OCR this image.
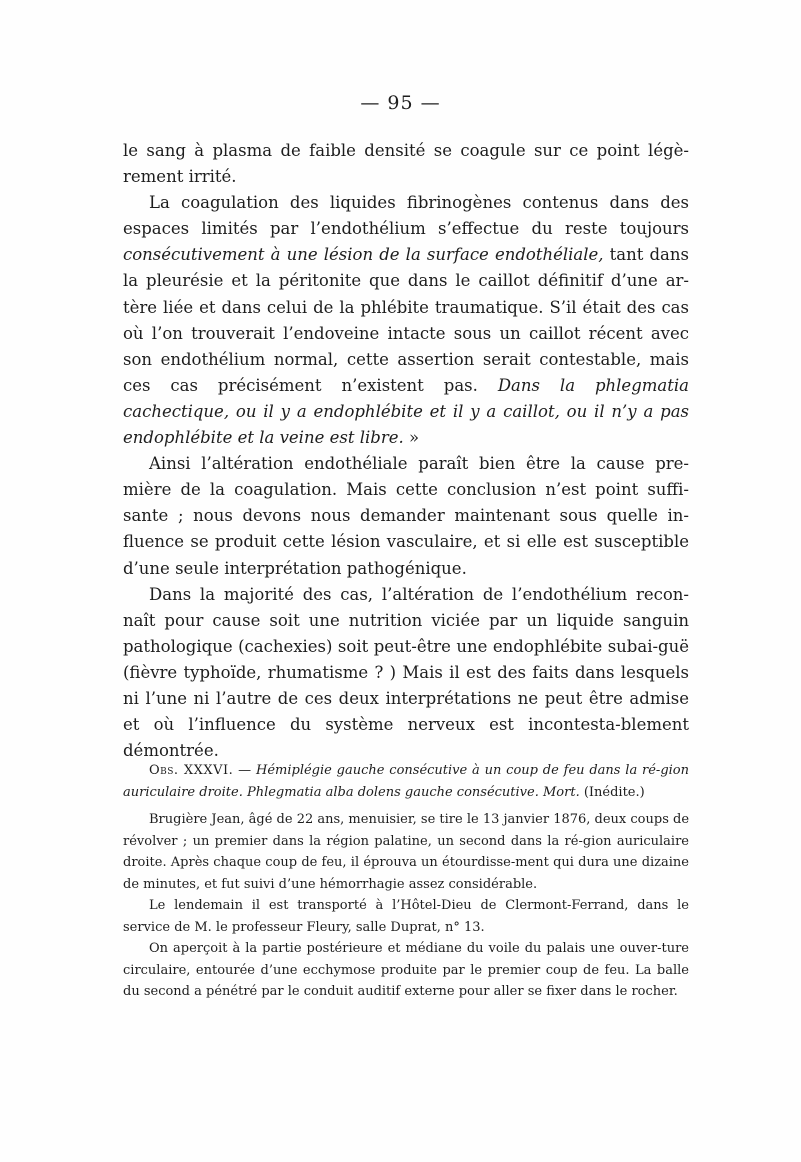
— 95 —

le sang à plasma de faible densité se coagule sur ce point légè-rement irrité.

La coagulation des liquides fibrinogènes contenus dans des espaces limités par l’endothélium s’effectue du reste toujours consécutivement à une lésion de la surface endothéliale, tant dans la pleurésie et la péritonite que dans le caillot définitif d’une ar-tère liée et dans celui de la phlébite traumatique. S’il était des cas où l’on trouverait l’endoveine intacte sous un caillot récent avec son endothélium normal, cette assertion serait contestable, mais ces cas précisément n’existent pas. Dans la phlegmatia cachectique, ou il y a endophlébite et il y a caillot, ou il n’y a pas endophlébite et la veine est libre. »

Ainsi l’altération endothéliale paraît bien être la cause pre-mière de la coagulation. Mais cette conclusion n’est point suffi-sante ; nous devons nous demander maintenant sous quelle in-fluence se produit cette lésion vasculaire, et si elle est susceptible d’une seule interprétation pathogénique.

Dans la majorité des cas, l’altération de l’endothélium recon-naît pour cause soit une nutrition viciée par un liquide sanguin pathologique (cachexies) soit peut-être une endophlébite subai-guë (fièvre typhoïde, rhumatisme ? ) Mais il est des faits dans lesquels ni l’une ni l’autre de ces deux interprétations ne peut être admise et où l’influence du système nerveux est incontesta-blement démontrée.

Obs. XXXVI. — Hémiplégie gauche consécutive à un coup de feu dans la ré-gion auriculaire droite. Phlegmatia alba dolens gauche consécutive. Mort. (Inédite.)

Brugière Jean, âgé de 22 ans, menuisier, se tire le 13 janvier 1876, deux coups de révolver ; un premier dans la région palatine, un second dans la ré-gion auriculaire droite. Après chaque coup de feu, il éprouva un étourdisse-ment qui dura une dizaine de minutes, et fut suivi d’une hémorrhagie assez considérable.

Le lendemain il est transporté à l’Hôtel-Dieu de Clermont-Ferrand, dans le service de M. le professeur Fleury, salle Duprat, n° 13.

On aperçoit à la partie postérieure et médiane du voile du palais une ouver-ture circulaire, entourée d’une ecchymose produite par le premier coup de feu. La balle du second a pénétré par le conduit auditif externe pour aller se fixer dans le rocher.
